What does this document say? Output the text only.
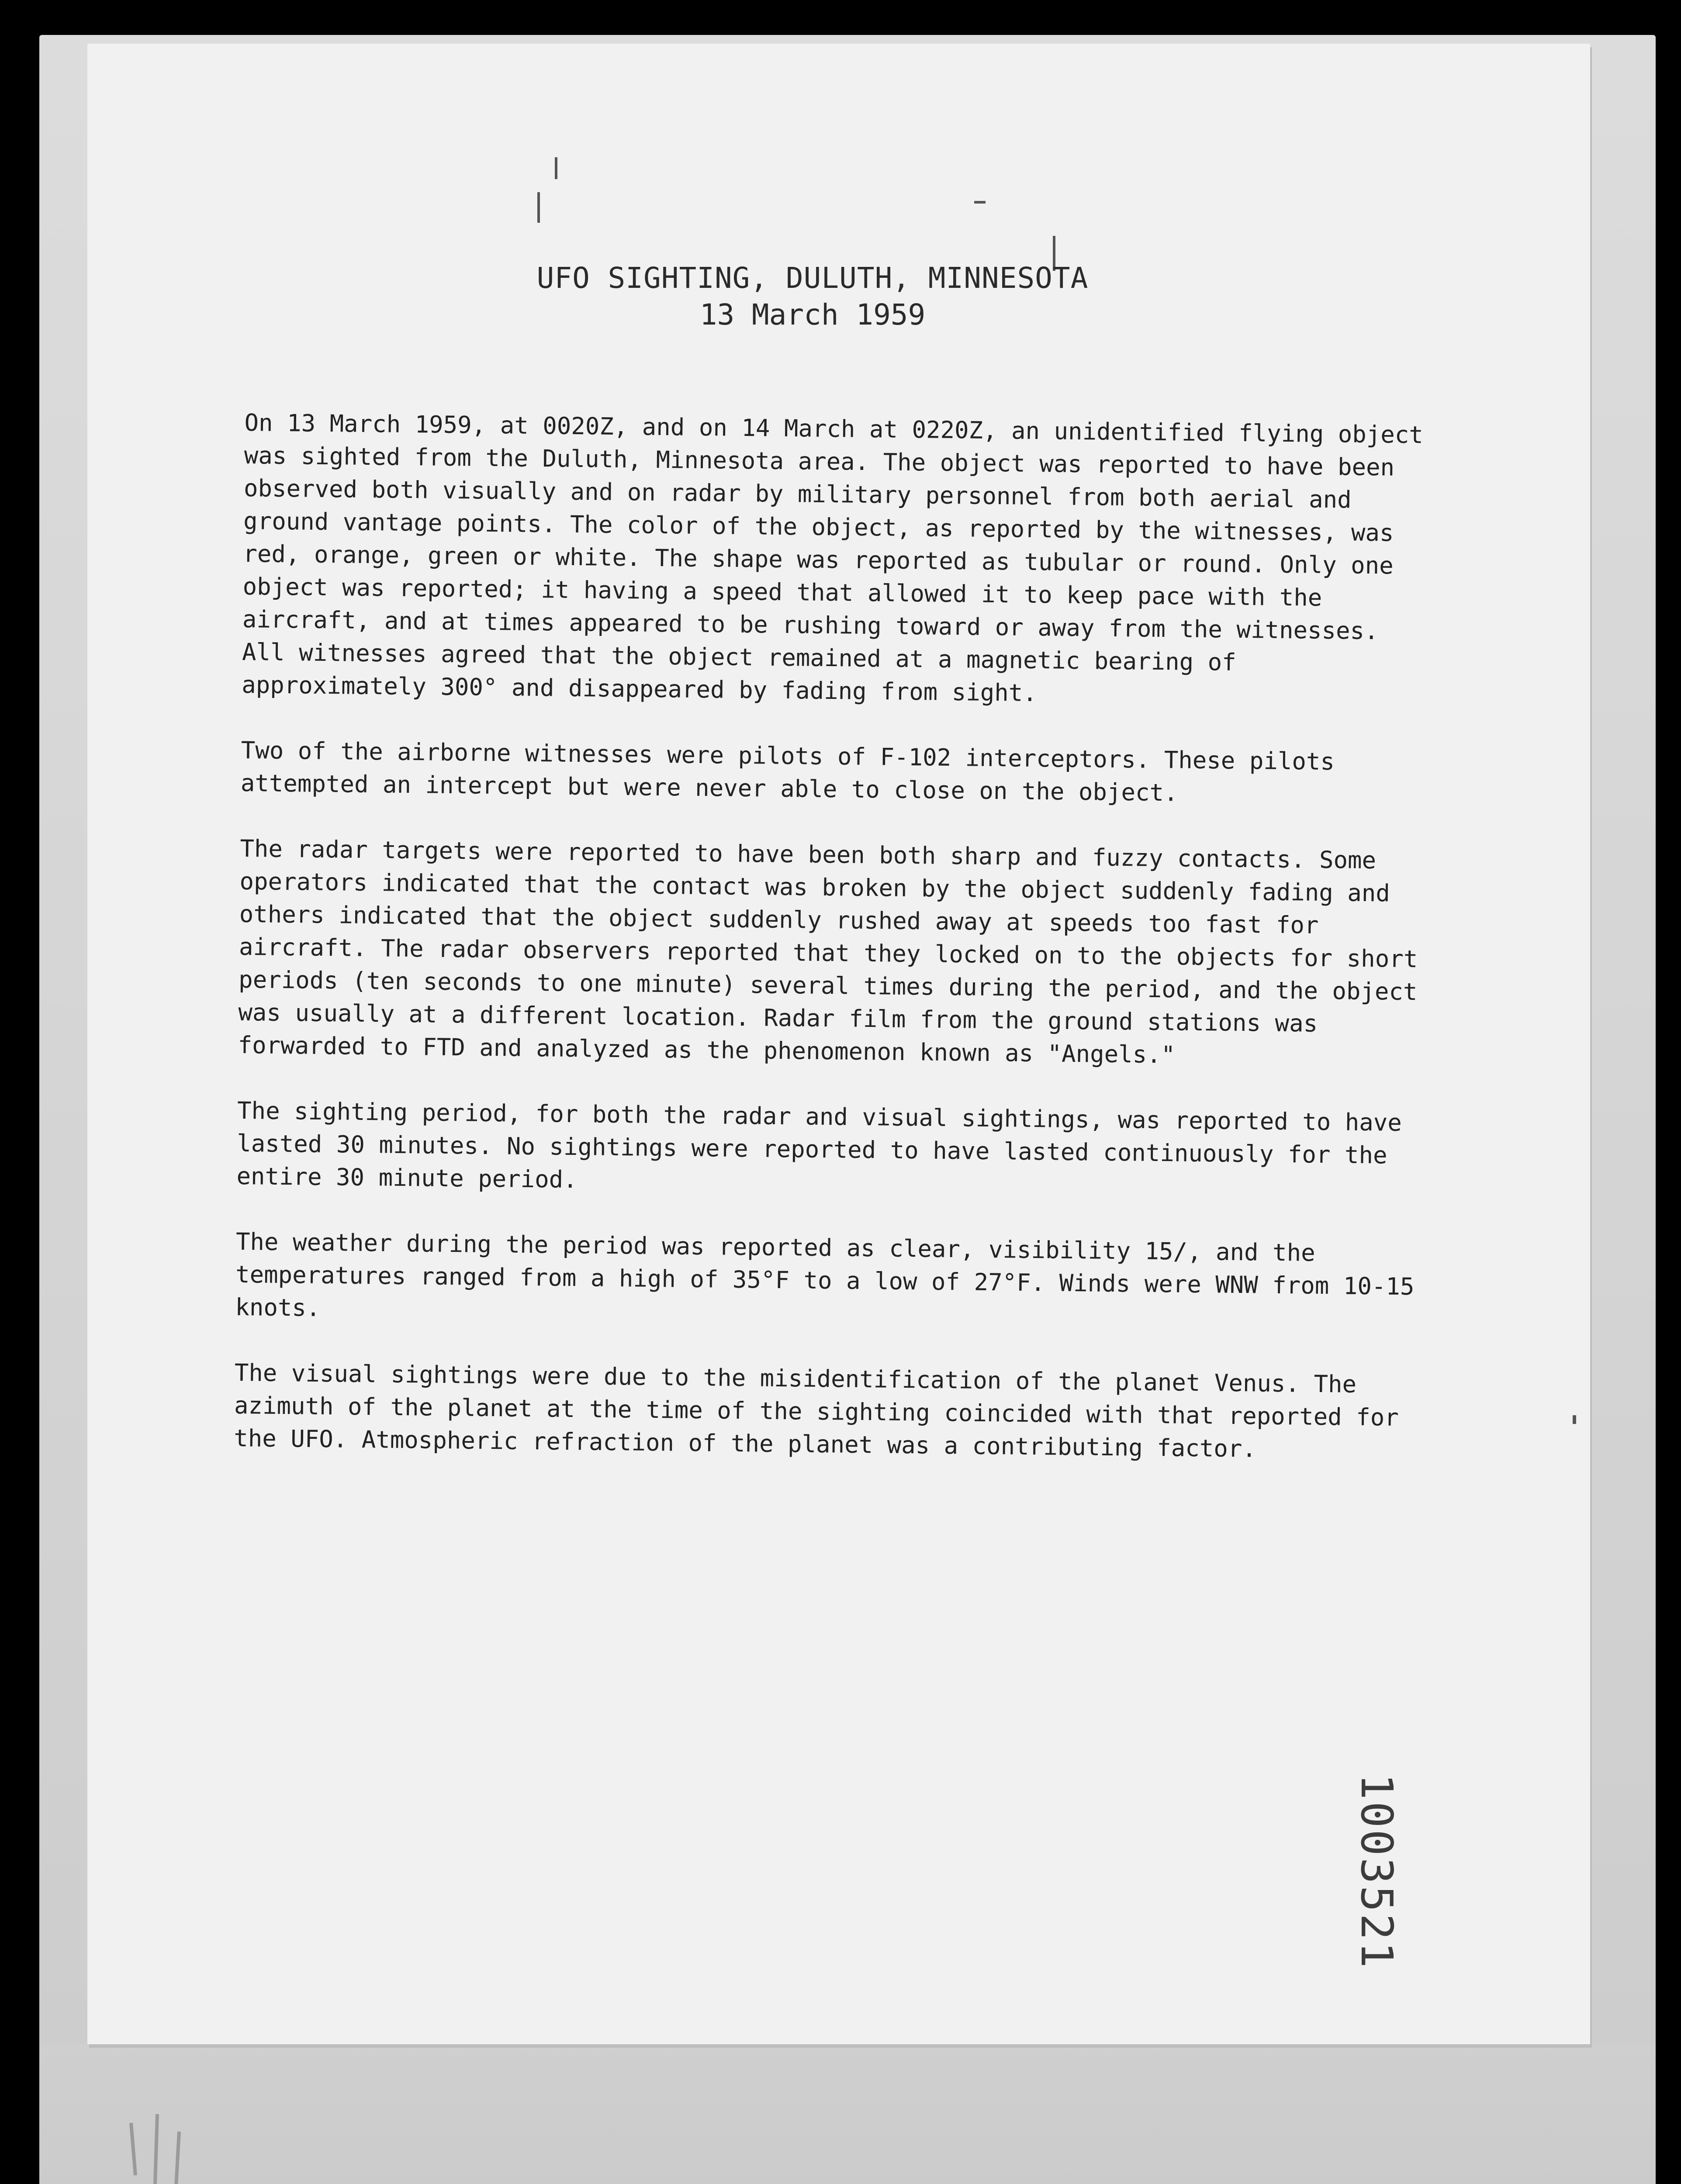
UFO SIGHTING, DULUTH, MINNESOTA
13 March 1959

On 13 March 1959, at 0020Z, and on 14 March at 0220Z, an unidentified flying object was sighted from the Duluth, Minnesota area. The object was reported to have been observed both visually and on radar by military personnel from both aerial and ground vantage points. The color of the object, as reported by the witnesses, was red, orange, green or white. The shape was reported as tubular or round. Only one object was reported; it having a speed that allowed it to keep pace with the aircraft, and at times appeared to be rushing toward or away from the witnesses. All witnesses agreed that the object remained at a magnetic bearing of approximately 300° and disappeared by fading from sight.

Two of the airborne witnesses were pilots of F-102 interceptors. These pilots attempted an intercept but were never able to close on the object.

The radar targets were reported to have been both sharp and fuzzy contacts. Some operators indicated that the contact was broken by the object suddenly fading and others indicated that the object suddenly rushed away at speeds too fast for aircraft. The radar observers reported that they locked on to the objects for short periods (ten seconds to one minute) several times during the period, and the object was usually at a different location. Radar film from the ground stations was forwarded to FTD and analyzed as the phenomenon known as "Angels."

The sighting period, for both the radar and visual sightings, was reported to have lasted 30 minutes. No sightings were reported to have lasted continuously for the entire 30 minute period.

The weather during the period was reported as clear, visibility 15/, and the temperatures ranged from a high of 35°F to a low of 27°F. Winds were WNW from 10-15 knots.

The visual sightings were due to the misidentification of the planet Venus. The azimuth of the planet at the time of the sighting coincided with that reported for the UFO. Atmospheric refraction of the planet was a contributing factor.

1003521
